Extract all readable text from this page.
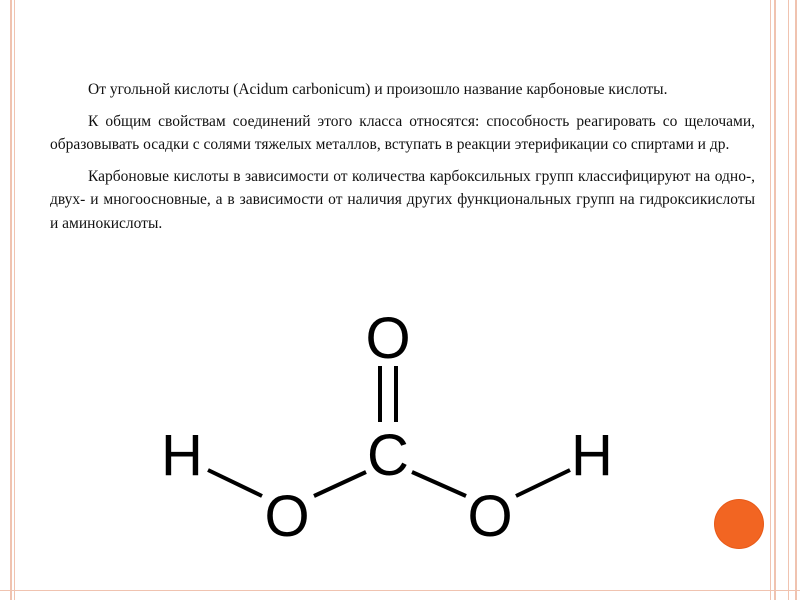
От угольной кислоты (Acidum carbonicum) и произошло название карбоновые кислоты.

К общим свойствам соединений этого класса относятся: способность реагировать со щелочами, образовывать осадки с солями тяжелых металлов, вступать в реакции этерификации со спиртами и др.

Карбоновые кислоты в зависимости от количества карбоксильных групп классифицируют на одно-, двух- и многоосновные, а в зависимости от наличия других функциональных групп на гидроксикислоты и аминокислоты.

O
C
H	H
O	O
